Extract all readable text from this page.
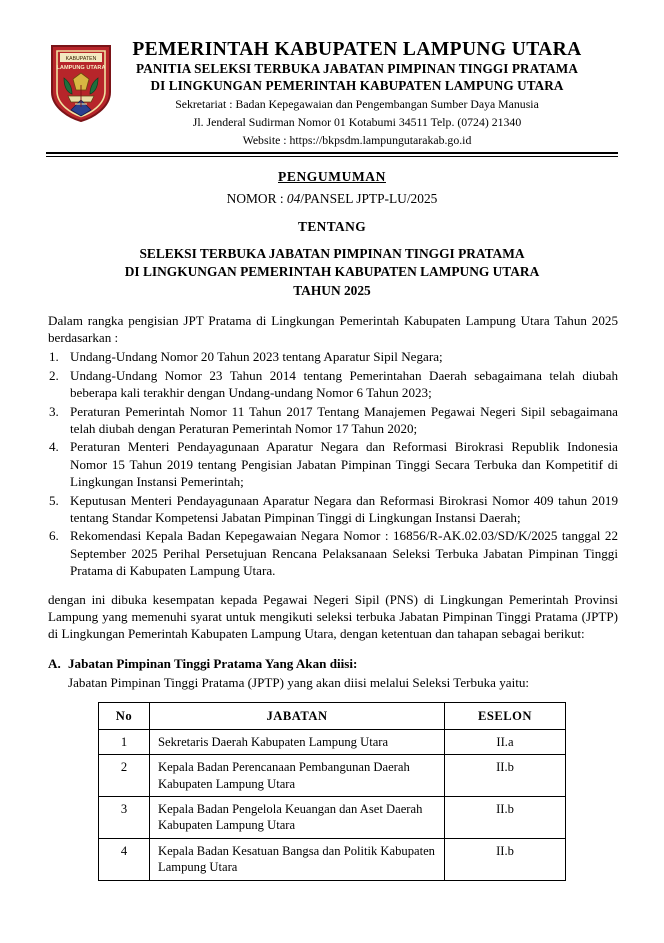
KABUPATEN
LAMPUNG UTARA
PEMERINTAH KABUPATEN LAMPUNG UTARA
PANITIA SELEKSI TERBUKA JABATAN PIMPINAN TINGGI PRATAMA
DI LINGKUNGAN PEMERINTAH KABUPATEN LAMPUNG UTARA
Sekretariat : Badan Kepegawaian dan Pengembangan Sumber Daya Manusia
Jl. Jenderal Sudirman Nomor 01 Kotabumi 34511 Telp. (0724) 21340
Website : https://bkpsdm.lampungutarakab.go.id
PENGUMUMAN
NOMOR : 04/PANSEL JPTP-LU/2025
TENTANG
SELEKSI TERBUKA JABATAN PIMPINAN TINGGI PRATAMA
DI LINGKUNGAN PEMERINTAH KABUPATEN LAMPUNG UTARA
TAHUN 2025

Dalam rangka pengisian JPT Pratama di Lingkungan Pemerintah Kabupaten Lampung Utara Tahun 2025 berdasarkan :

1. Undang-Undang Nomor 20 Tahun 2023 tentang Aparatur Sipil Negara;
2. Undang-Undang Nomor 23 Tahun 2014 tentang Pemerintahan Daerah sebagaimana telah diubah beberapa kali terakhir dengan Undang-undang Nomor 6 Tahun 2023;
3. Peraturan Pemerintah Nomor 11 Tahun 2017 Tentang Manajemen Pegawai Negeri Sipil sebagaimana telah diubah dengan Peraturan Pemerintah Nomor 17 Tahun 2020;
4. Peraturan Menteri Pendayagunaan Aparatur Negara dan Reformasi Birokrasi Republik Indonesia Nomor 15 Tahun 2019 tentang Pengisian Jabatan Pimpinan Tinggi Secara Terbuka dan Kompetitif di Lingkungan Instansi Pemerintah;
5. Keputusan Menteri Pendayagunaan Aparatur Negara dan Reformasi Birokrasi Nomor 409 tahun 2019 tentang Standar Kompetensi Jabatan Pimpinan Tinggi di Lingkungan Instansi Daerah;
6. Rekomendasi Kepala Badan Kepegawaian Negara Nomor : 16856/R-AK.02.03/SD/K/2025 tanggal 22 September 2025 Perihal Persetujuan Rencana Pelaksanaan Seleksi Terbuka Jabatan Pimpinan Tinggi Pratama di Kabupaten Lampung Utara.

dengan ini dibuka kesempatan kepada Pegawai Negeri Sipil (PNS) di Lingkungan Pemerintah Provinsi Lampung yang memenuhi syarat untuk mengikuti seleksi terbuka Jabatan Pimpinan Tinggi Pratama (JPTP) di Lingkungan Pemerintah Kabupaten Lampung Utara, dengan ketentuan dan tahapan sebagai berikut:

A. Jabatan Pimpinan Tinggi Pratama Yang Akan diisi:
Jabatan Pimpinan Tinggi Pratama (JPTP) yang akan diisi melalui Seleksi Terbuka yaitu:
No	JABATAN	ESELON
1	Sekretaris Daerah Kabupaten Lampung Utara	II.a
2	Kepala Badan Perencanaan Pembangunan Daerah Kabupaten Lampung Utara	II.b
3	Kepala Badan Pengelola Keuangan dan Aset Daerah Kabupaten Lampung Utara	II.b
4	Kepala Badan Kesatuan Bangsa dan Politik Kabupaten Lampung Utara	II.b
